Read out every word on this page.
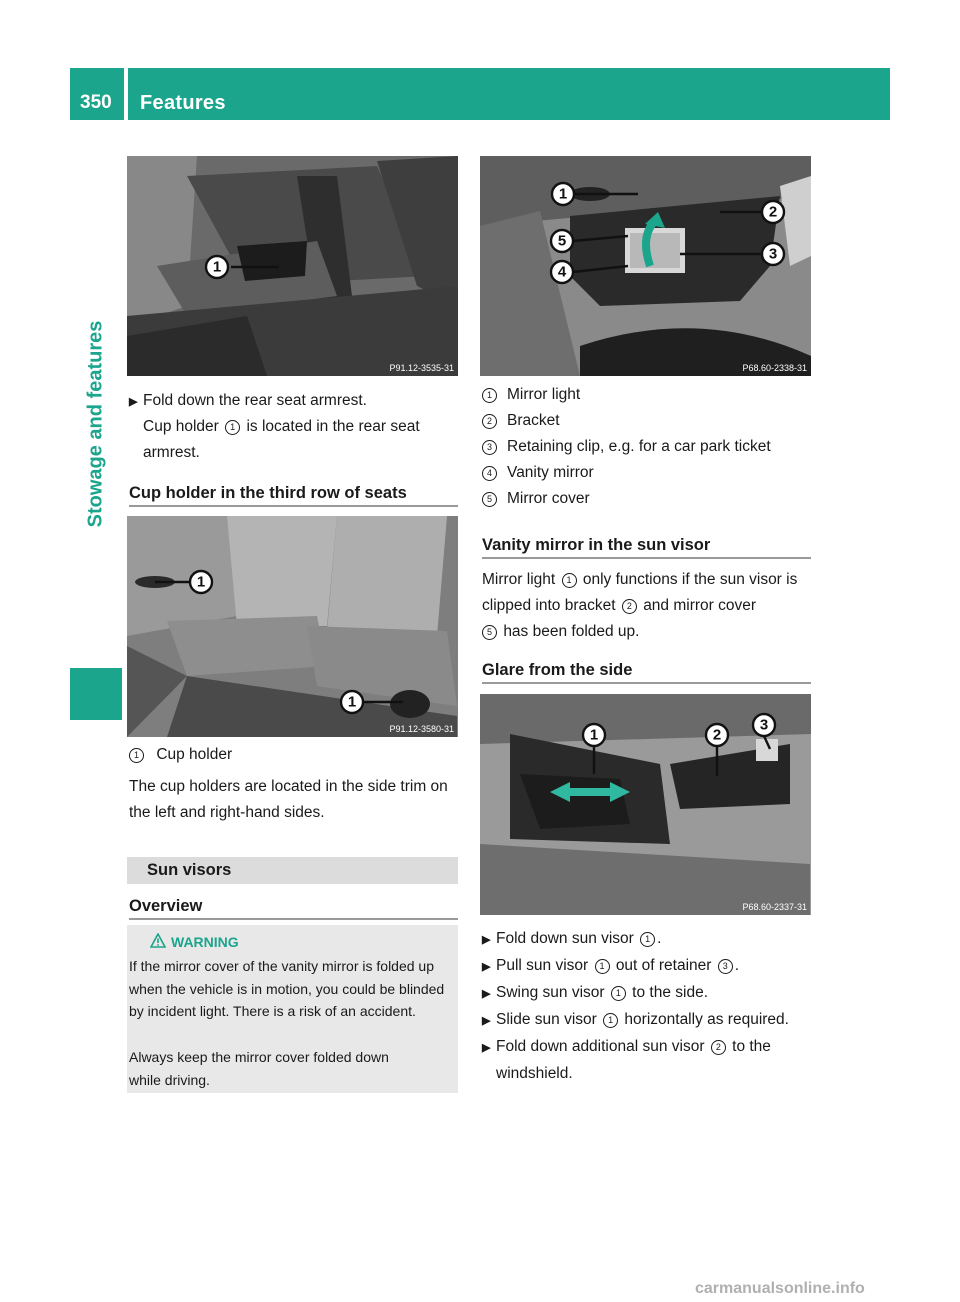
350 Features
Stowage and features
1
P91.12-3535-31
▶ Fold down the rear seat armrest.
Cup holder 1 is located in the rear seat armrest.
Cup holder in the third row of seats
1
1
P91.12-3580-31
1 Cup holder
The cup holders are located in the side trim on the left and right-hand sides.
Sun visors
Overview
WARNING
If the mirror cover of the vanity mirror is folded up when the vehicle is in motion, you could be blinded by incident light. There is a risk of an accident.
Always keep the mirror cover folded down while driving.
1
2
3
4
5
P68.60-2338-31
1 Mirror light
2 Bracket
3 Retaining clip, e.g. for a car park ticket
4 Vanity mirror
5 Mirror cover
Vanity mirror in the sun visor
Mirror light 1 only functions if the sun visor is clipped into bracket 2 and mirror cover
5 has been folded up.
Glare from the side
1	2
3
P68.60-2337-31
▶ Fold down sun visor 1 .
▶ Pull sun visor 1 out of retainer 3 .
▶ Swing sun visor 1 to the side.
▶ Slide sun visor 1 horizontally as required.
▶ Fold down additional sun visor 2 to the windshield.
carmanualsonline.info
